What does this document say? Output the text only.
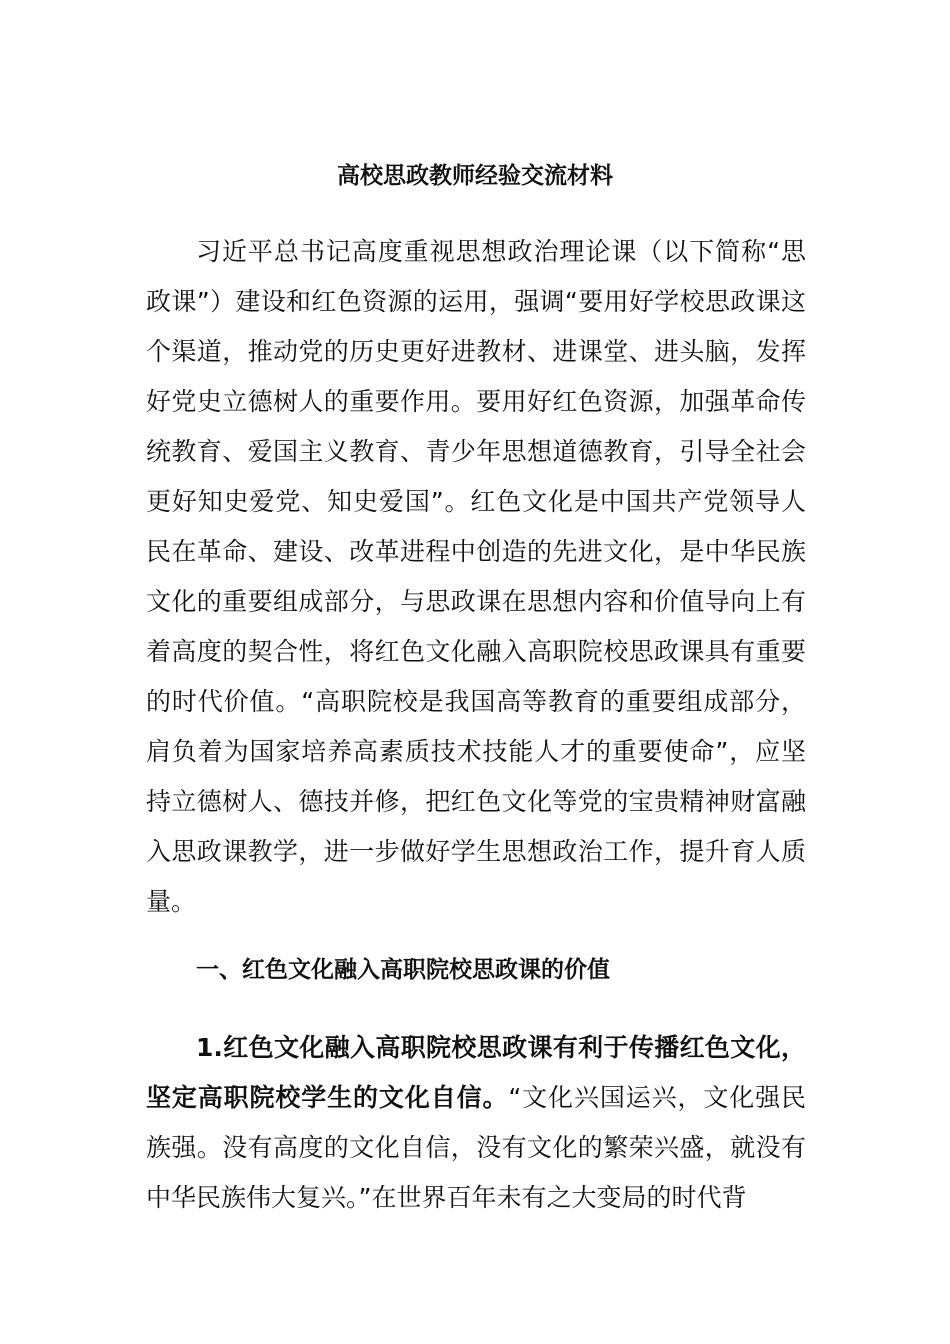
高校思政教师经验交流材料

习近平总书记高度重视思想政治理论课（以下简称“思政课”）建设和红色资源的运用，强调“要用好学校思政课这个渠道，推动党的历史更好进教材、进课堂、进头脑，发挥好党史立德树人的重要作用。要用好红色资源，加强革命传统教育、爱国主义教育、青少年思想道德教育，引导全社会更好知史爱党、知史爱国”。红色文化是中国共产党领导人民在革命、建设、改革进程中创造的先进文化，是中华民族文化的重要组成部分，与思政课在思想内容和价值导向上有着高度的契合性，将红色文化融入高职院校思政课具有重要的时代价值。“高职院校是我国高等教育的重要组成部分，肩负着为国家培养高素质技术技能人才的重要使命”，应坚持立德树人、德技并修，把红色文化等党的宝贵精神财富融入思政课教学，进一步做好学生思想政治工作，提升育人质量。

一、红色文化融入高职院校思政课的价值

1.红色文化融入高职院校思政课有利于传播红色文化，坚定高职院校学生的文化自信。“文化兴国运兴，文化强民族强。没有高度的文化自信，没有文化的繁荣兴盛，就没有中华民族伟大复兴。”在世界百年未有之大变局的时代背
